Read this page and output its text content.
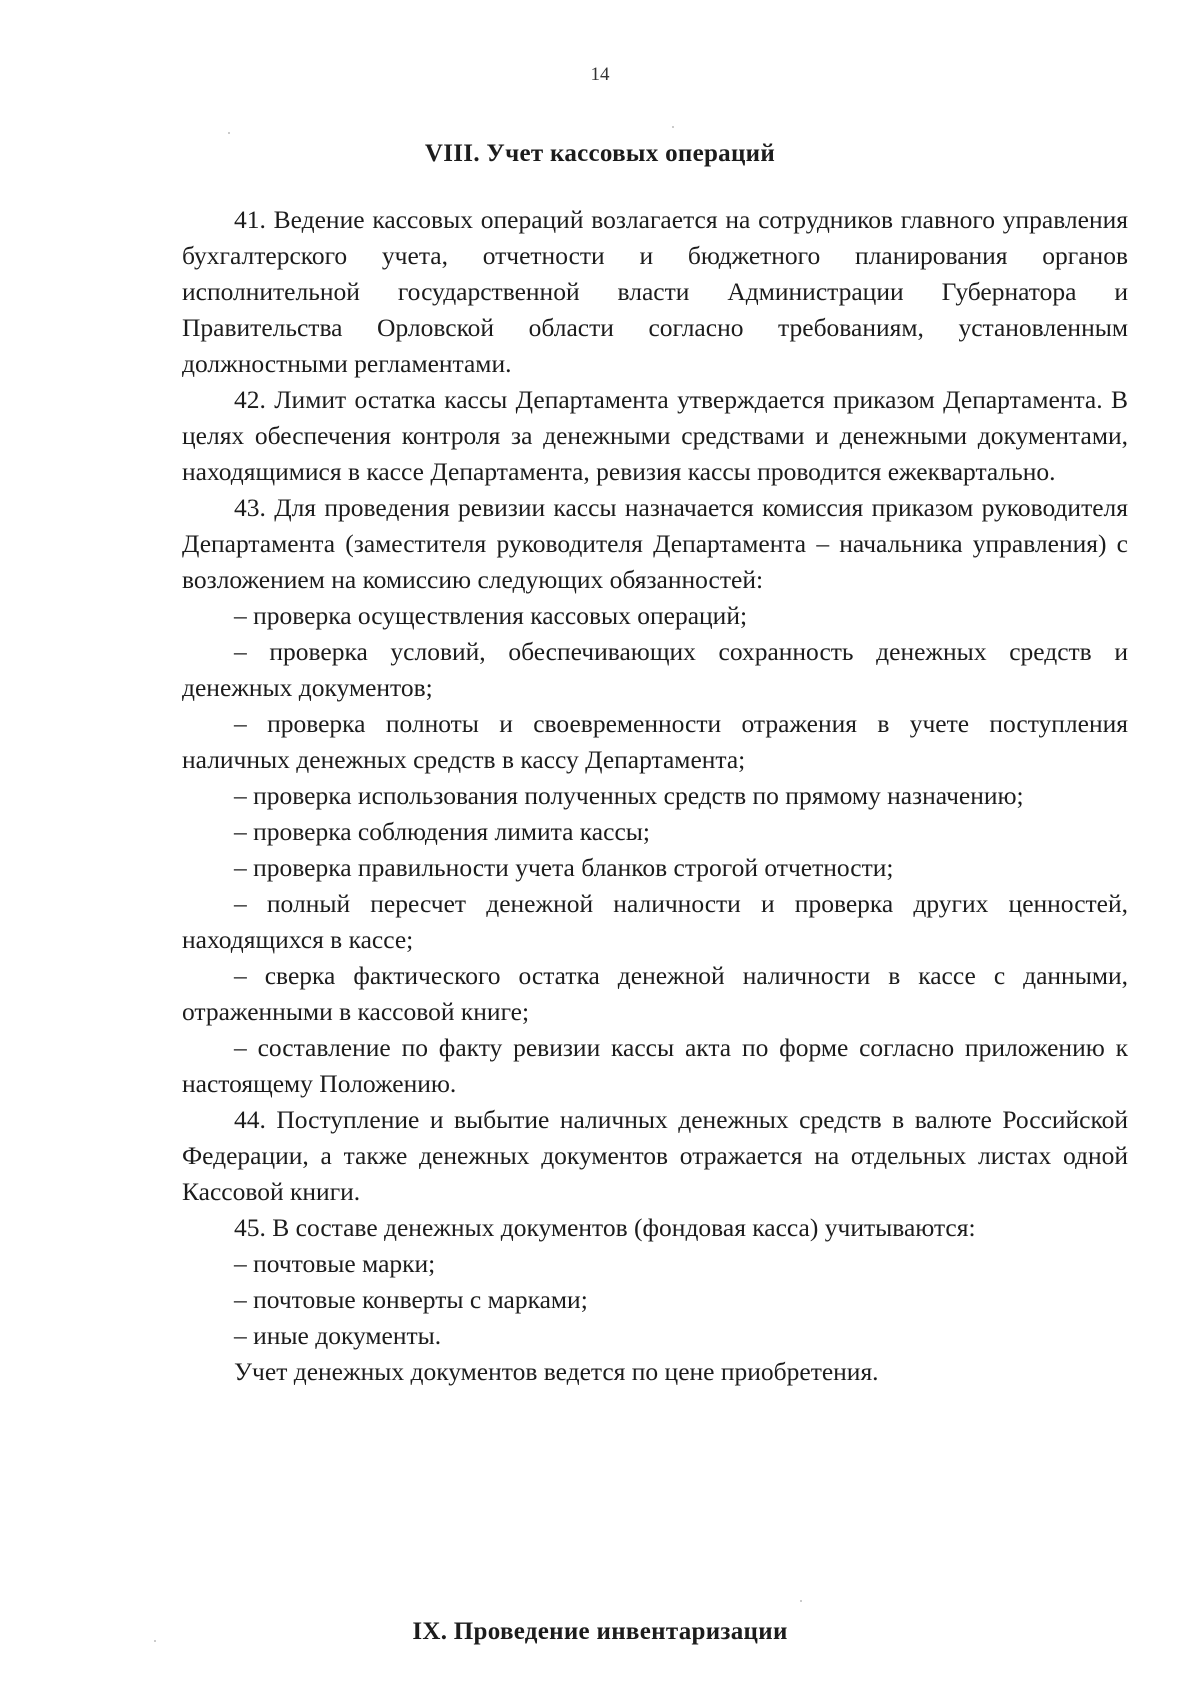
14
VIII. Учет кассовых операций

41. Ведение кассовых операций возлагается на сотрудников главного управления бухгалтерского учета, отчетности и бюджетного планирования органов исполнительной государственной власти Администрации Губернатора и Правительства Орловской области согласно требованиям, установленным должностными регламентами.

42. Лимит остатка кассы Департамента утверждается приказом Департамента. В целях обеспечения контроля за денежными средствами и денежными документами, находящимися в кассе Департамента, ревизия кассы проводится ежеквартально.

43. Для проведения ревизии кассы назначается комиссия приказом руководителя Департамента (заместителя руководителя Департамента – начальника управления) с возложением на комиссию следующих обязанностей:

– проверка осуществления кассовых операций;

– проверка условий, обеспечивающих сохранность денежных средств и денежных документов;

– проверка полноты и своевременности отражения в учете поступления наличных денежных средств в кассу Департамента;

– проверка использования полученных средств по прямому назначению;

– проверка соблюдения лимита кассы;

– проверка правильности учета бланков строгой отчетности;

– полный пересчет денежной наличности и проверка других ценностей, находящихся в кассе;

– сверка фактического остатка денежной наличности в кассе с данными, отраженными в кассовой книге;

– составление по факту ревизии кассы акта по форме согласно приложению к настоящему Положению.

44. Поступление и выбытие наличных денежных средств в валюте Российской Федерации, а также денежных документов отражается на отдельных листах одной Кассовой книги.

45. В составе денежных документов (фондовая касса) учитываются:

– почтовые марки;

– почтовые конверты с марками;

– иные документы.

Учет денежных документов ведется по цене приобретения.

IX. Проведение инвентаризации
